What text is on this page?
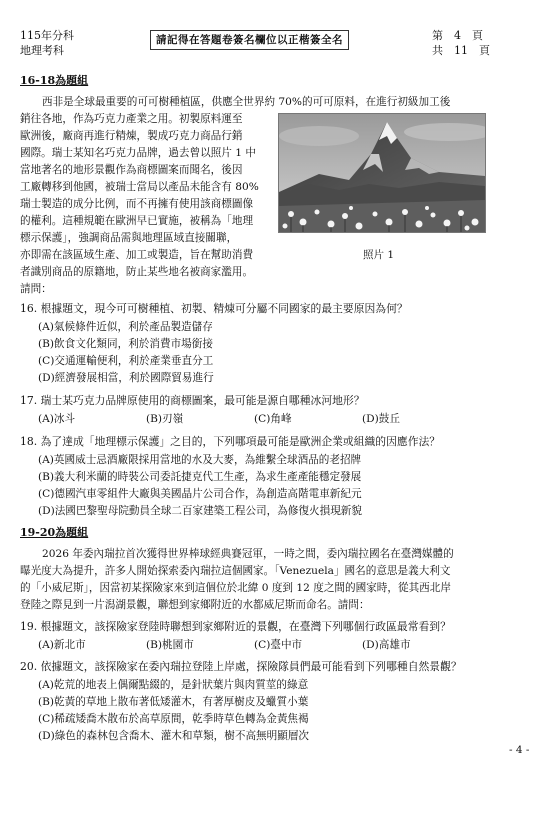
115年分科
地理考科
請記得在答題卷簽名欄位以正楷簽全名	第　4　頁
共　11　頁
16-18為題組
西非是全球最重要的可可樹種植區，供應全世界約 70%的可可原料，在進行初級加工後
銷往各地，作為巧克力產業之用。初製原料運至
歐洲後，廠商再進行精煉，製成巧克力商品行銷
國際。瑞士某知名巧克力品牌，過去曾以照片 1 中
當地著名的地形景觀作為商標圖案而聞名，後因
工廠轉移到他國，被瑞士當局以產品未能含有 80%
瑞士製造的成分比例，而不再擁有使用該商標圖像
的權利。這種規範在歐洲早已實施，被稱為「地理
標示保護」，強調商品需與地理區域直接關聯，
亦即需在該區域生產、加工或製造，旨在幫助消費
者識別商品的原籍地，防止某些地名被商家濫用。
請問：
照片 1
16. 根據題文，現今可可樹種植、初製、精煉可分屬不同國家的最主要原因為何？
(A)氣候條件近似，利於產品製造儲存
(B)飲食文化類同，利於消費市場銜接
(C)交通運輸便利，利於產業垂直分工
(D)經濟發展相當，利於國際貿易進行
17. 瑞士某巧克力品牌原使用的商標圖案，最可能是源自哪種冰河地形？
(A)冰斗	(B)刃嶺	(C)角峰	(D)鼓丘
18. 為了達成「地理標示保護」之目的，下列哪項最可能是歐洲企業或組織的因應作法？
(A)英國威士忌酒廠限採用當地的水及大麥，為維繫全球酒品的老招牌
(B)義大利米蘭的時裝公司委託捷克代工生產，為求生產產能穩定發展
(C)德國汽車零組件大廠與美國晶片公司合作，為創造高階電車新紀元
(D)法國巴黎聖母院動員全球二百家建築工程公司，為修復火損現新貌
19-20為題組
2026 年委內瑞拉首次獲得世界棒球經典賽冠軍，一時之間，委內瑞拉國名在臺灣媒體的
曝光度大為提升，許多人開始探索委內瑞拉這個國家。「Venezuela」國名的意思是義大利文
的「小威尼斯」，因當初某探險家來到這個位於北緯 0 度到 12 度之間的國家時，從其西北岸
登陸之際見到一片潟湖景觀，聯想到家鄉附近的水都威尼斯而命名。請問：
19. 根據題文，該探險家登陸時聯想到家鄉附近的景觀，在臺灣下列哪個行政區最常看到？
(A)新北市	(B)桃園市	(C)臺中市	(D)高雄市
20. 依據題文，該探險家在委內瑞拉登陸上岸處，探險隊員們最可能看到下列哪種自然景觀？
(A)乾荒的地表上偶爾點綴的，是針狀葉片與肉質莖的綠意
(B)乾黃的草地上散布著低矮灌木，有著厚樹皮及蠟質小葉
(C)稀疏矮喬木散布於高草原間，乾季時草色轉為金黃焦褐
(D)綠色的森林包含喬木、灌木和草類，樹不高無明顯層次
- 4 -
